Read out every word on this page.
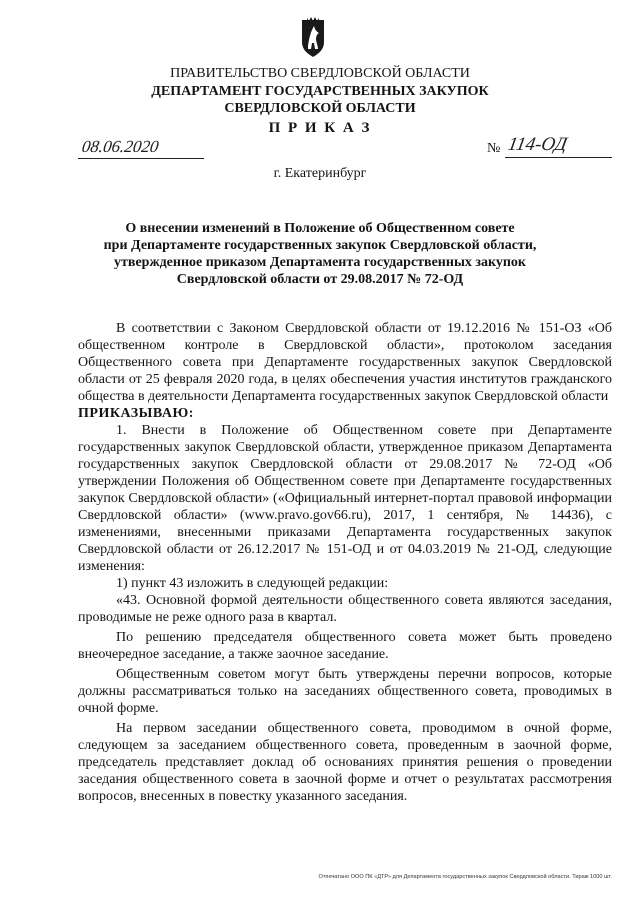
ПРАВИТЕЛЬСТВО СВЕРДЛОВСКОЙ ОБЛАСТИ
ДЕПАРТАМЕНТ ГОСУДАРСТВЕННЫХ ЗАКУПОК
СВЕРДЛОВСКОЙ ОБЛАСТИ
П Р И К А З
08.06.2020	№ 114-ОД
г. Екатеринбург
О внесении изменений в Положение об Общественном совете
при Департаменте государственных закупок Свердловской области,
утвержденное приказом Департамента государственных закупок
Свердловской области от 29.08.2017 № 72-ОД

В соответствии с Законом Свердловской области от 19.12.2016 № 151-ОЗ «Об общественном контроле в Свердловской области», протоколом заседания Общественного совета при Департаменте государственных закупок Свердловской области от 25 февраля 2020 года, в целях обеспечения участия институтов гражданского общества в деятельности Департамента государственных закупок Свердловской области

ПРИКАЗЫВАЮ:

1. Внести в Положение об Общественном совете при Департаменте государственных закупок Свердловской области, утвержденное приказом Департамента государственных закупок Свердловской области от 29.08.2017 № 72-ОД «Об утверждении Положения об Общественном совете при Департаменте государственных закупок Свердловской области» («Официальный интернет-портал правовой информации Свердловской области» (www.pravo.gov66.ru), 2017, 1 сентября, № 14436), с изменениями, внесенными приказами Департамента государственных закупок Свердловской области от 26.12.2017 № 151-ОД и от 04.03.2019 № 21-ОД, следующие изменения:

1) пункт 43 изложить в следующей редакции:

«43. Основной формой деятельности общественного совета являются заседания, проводимые не реже одного раза в квартал.

По решению председателя общественного совета может быть проведено внеочередное заседание, а также заочное заседание.

Общественным советом могут быть утверждены перечни вопросов, которые должны рассматриваться только на заседаниях общественного совета, проводимых в очной форме.

На первом заседании общественного совета, проводимом в очной форме, следующем за заседанием общественного совета, проведенным в заочной форме, председатель представляет доклад об основаниях принятия решения о проведении заседания общественного совета в заочной форме и отчет о результатах рассмотрения вопросов, внесенных в повестку указанного заседания.

Отпечатано ООО ПК «ДТР» для Департамента государственных закупок Свердловской области. Тираж 1000 шт.
